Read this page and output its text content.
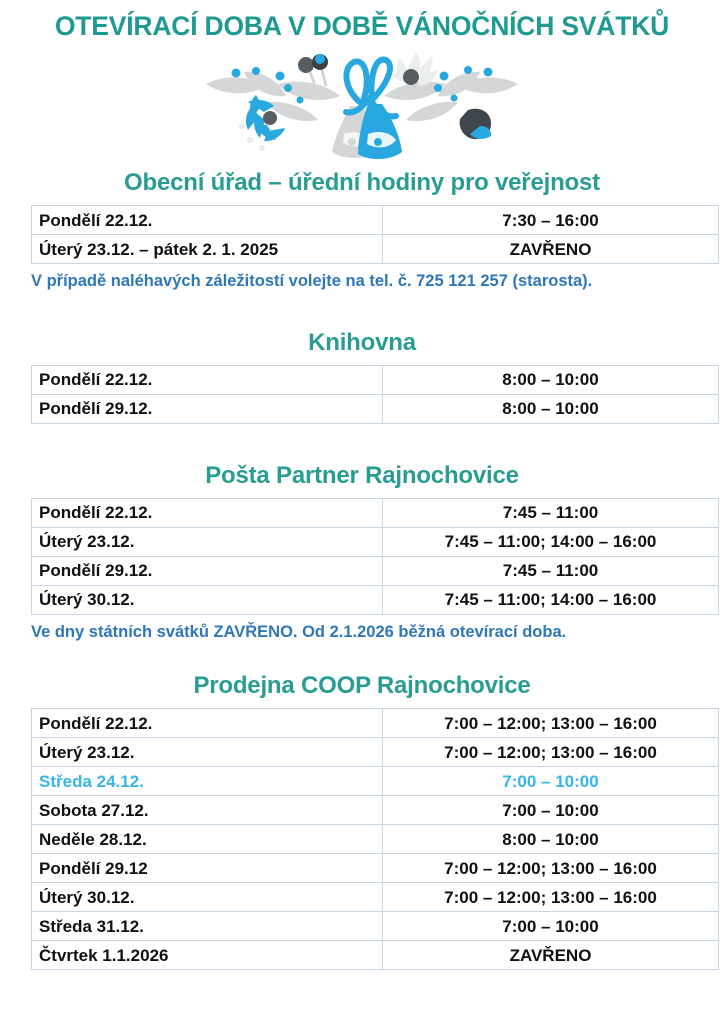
OTEVÍRACÍ DOBA V DOBĚ VÁNOČNÍCH SVÁTKŮ
Obecní úřad – úřední hodiny pro veřejnost
Pondělí 22.12.	7:30 – 16:00
Úterý 23.12. – pátek 2. 1. 2025	ZAVŘENO
V případě naléhavých záležitostí volejte na tel. č. 725 121 257 (starosta).
Knihovna
Pondělí 22.12.	8:00 – 10:00
Pondělí 29.12.	8:00 – 10:00
Pošta Partner Rajnochovice
Pondělí 22.12.	7:45 – 11:00
Úterý 23.12.	7:45 – 11:00; 14:00 – 16:00
Pondělí 29.12.	7:45 – 11:00
Úterý 30.12.	7:45 – 11:00; 14:00 – 16:00
Ve dny státních svátků ZAVŘENO. Od 2.1.2026 běžná otevírací doba.
Prodejna COOP Rajnochovice
Pondělí 22.12.	7:00 – 12:00; 13:00 – 16:00
Úterý 23.12.	7:00 – 12:00; 13:00 – 16:00
Středa 24.12.	7:00 – 10:00
Sobota 27.12.	7:00 – 10:00
Neděle 28.12.	8:00 – 10:00
Pondělí 29.12	7:00 – 12:00; 13:00 – 16:00
Úterý 30.12.	7:00 – 12:00; 13:00 – 16:00
Středa 31.12.	7:00 – 10:00
Čtvrtek 1.1.2026	ZAVŘENO
